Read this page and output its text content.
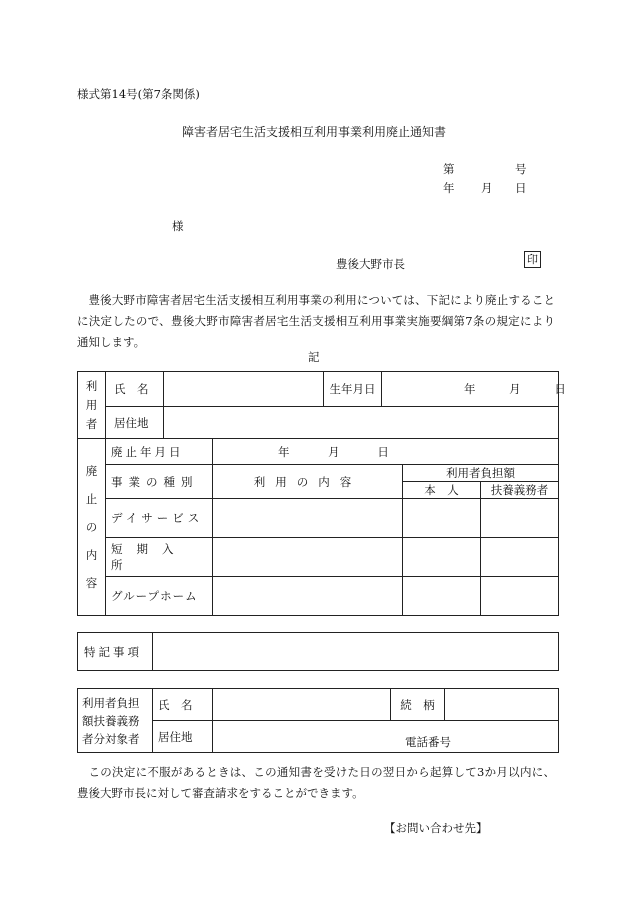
様式第14号(第7条関係)
障害者居宅生活支援相互利用事業利用廃止通知書
第	号
年 月 日
様
豊後大野市長	印
豊後大野市障害者居宅生活支援相互利用事業の利用については、下記により廃止することに決定したので、豊後大野市障害者居宅生活支援相互利用事業実施要綱第7条の規定により通知します。
記
利
用
者	氏　名		生年月日	年 月 日
	居住地			
廃
止
の
内
容	廃止年月日	年 月 日		
	事業の種別	利用の内容	利用者負担額	
			本　人	扶養義務者
	デイサービス			
	短期入所			
	グループホーム			
特記事項	
利用者負担
額扶養義務
者分対象者	氏　名		続　柄	
	居住地	電話番号		
この決定に不服があるときは、この通知書を受けた日の翌日から起算して3か月以内に、豊後大野市長に対して審査請求をすることができます。
【お問い合わせ先】
